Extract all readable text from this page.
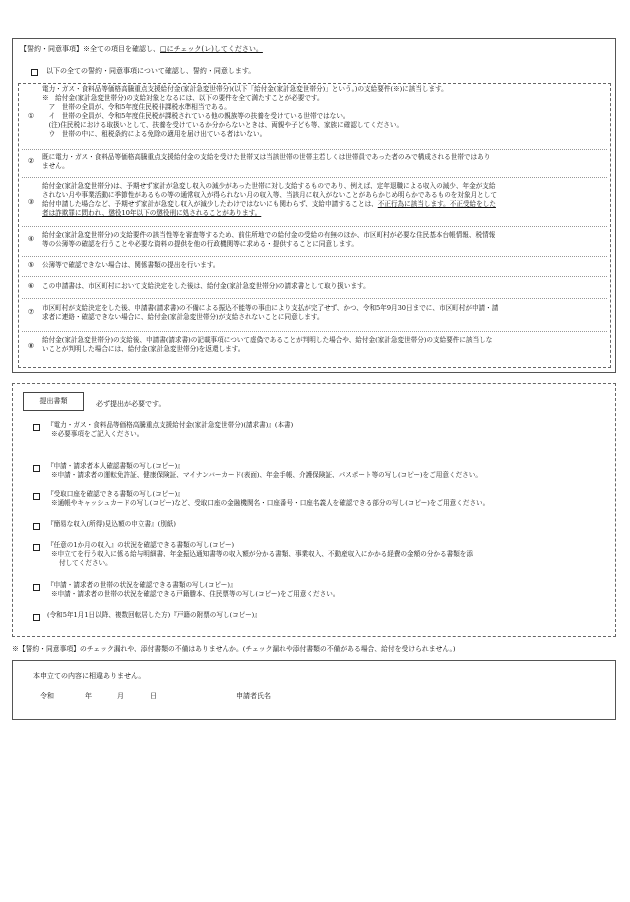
【誓約・同意事項】※全ての項目を確認し、□にチェック(レ)してください。
以下の全ての誓約・同意事項について確認し、誓約・同意します。
①
電力・ガス・食料品等価格高騰重点支援給付金(家計急変世帯分)(以下「給付金(家計急変世帯分)」という。)の支給要件(※)に該当します。
※　給付金(家計急変世帯分)の支給対象となるには、以下の要件を全て満たすことが必要です。
　ア　世帯の全員が、令和5年度住民税非課税水準相当である。
　イ　世帯の全員が、令和5年度住民税が課税されている他の親族等の扶養を受けている世帯ではない。
　(注)住民税における取扱いとして、扶養を受けているか分からないときは、両親や子ども等、家族に確認してください。
　ウ　世帯の中に、租税条約による免除の適用を届け出ている者はいない。
②	既に電力・ガス・食料品等価格高騰重点支援給付金の支給を受けた世帯又は当該世帯の世帯主若しくは世帯員であった者のみで構成される世帯ではあり
ません。
③
給付金(家計急変世帯分)は、予期せず家計が急変し収入の減少があった世帯に対し支給するものであり、例えば、定年退職による収入の減少、年金が支給
されない月や事業活動に季節性があるもの等の通常収入が得られない月の収入等、当該月に収入がないことがあらかじめ明らかであるものを対象月として
給付申請した場合など、予期せず家計が急変し収入が減少したわけではないにも関わらず、支給申請することは、不正行為に該当します。不正受給をした
者は詐欺罪に問われ、懲役10年以下の懲役刑に処されることがあります。
④	給付金(家計急変世帯分)の支給要件の該当性等を審査等するため、前住所地での給付金の受給の有無のほか、市区町村が必要な住民基本台帳情報、税情報
等の公簿等の確認を行うことや必要な資料の提供を他の行政機関等に求める・提供することに同意します。
⑤	公簿等で確認できない場合は、関係書類の提出を行います。
⑥	この申請書は、市区町村において支給決定をした後は、給付金(家計急変世帯分)の請求書として取り扱います。
⑦	市区町村が支給決定をした後、申請書(請求書)の不備による振込不能等の事由により支払が完了せず、かつ、令和5年9月30日までに、市区町村が申請・請
求者に連絡・確認できない場合に、給付金(家計急変世帯分)が支給されないことに同意します。
⑧
給付金(家計急変世帯分)の支給後、申請書(請求書)の記載事項について虚偽であることが判明した場合や、給付金(家計急変世帯分)の支給要件に該当しな
いことが判明した場合には、給付金(家計急変世帯分)を返還します。
提出書類	必ず提出が必要です。
『電力・ガス・食料品等価格高騰重点支援給付金(家計急変世帯分)(請求書)』(本書)
※必要事項をご記入ください。
『申請・請求者本人確認書類の写し(コピー)』
※申請・請求者の運転免許証、健康保険証、マイナンバーカード(表面)、年金手帳、介護保険証、パスポート等の写し(コピー)をご用意ください。
『受取口座を確認できる書類の写し(コピー)』
※通帳やキャッシュカードの写し(コピー)など、受取口座の金融機関名・口座番号・口座名義人を確認できる部分の写し(コピー)をご用意ください。
『簡易な収入(所得)見込額の申立書』(別紙)
『任意の1か月の収入』の状況を確認できる書類の写し(コピー)
※申立てを行う収入に係る給与明細書、年金振込通知書等の収入額が分かる書類、事業収入、不動産収入にかかる経費の金額の分かる書類を添
付してください。
『申請・請求者の世帯の状況を確認できる書類の写し(コピー)』
※申請・請求者の世帯の状況を確認できる戸籍謄本、住民票等の写し(コピー)をご用意ください。
(令和5年1月1日以降、複数回転居した方)『戸籍の附票の写し(コピー)』
※【誓約・同意事項】のチェック漏れや、添付書類の不備はありませんか。(チェック漏れや添付書類の不備がある場合、給付を受けられません。)
本申立ての内容に相違ありません。
令和	年	月	日	申請者氏名
